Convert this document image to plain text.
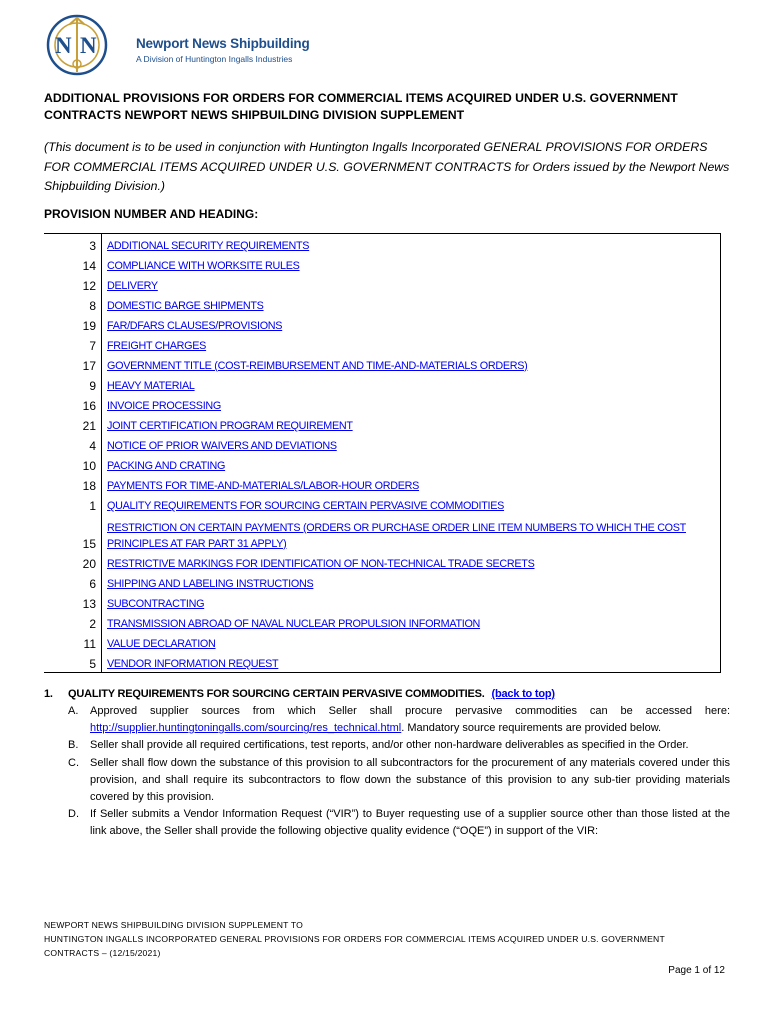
N N	Newport News Shipbuilding
A Division of Huntington Ingalls Industries
ADDITIONAL PROVISIONS FOR ORDERS FOR COMMERCIAL ITEMS ACQUIRED UNDER U.S. GOVERNMENT CONTRACTS NEWPORT NEWS SHIPBUILDING DIVISION SUPPLEMENT
(This document is to be used in conjunction with Huntington Ingalls Incorporated GENERAL PROVISIONS FOR ORDERS FOR COMMERCIAL ITEMS ACQUIRED UNDER U.S. GOVERNMENT CONTRACTS for Orders issued by the Newport News Shipbuilding Division.)
PROVISION NUMBER AND HEADING:
3	ADDITIONAL SECURITY REQUIREMENTS
14	COMPLIANCE WITH WORKSITE RULES
12	DELIVERY
8	DOMESTIC BARGE SHIPMENTS
19	FAR/DFARS CLAUSES/PROVISIONS
7	FREIGHT CHARGES
17	GOVERNMENT TITLE (COST-REIMBURSEMENT AND TIME-AND-MATERIALS ORDERS)
9	HEAVY MATERIAL
16	INVOICE PROCESSING
21	JOINT CERTIFICATION PROGRAM REQUIREMENT
4	NOTICE OF PRIOR WAIVERS AND DEVIATIONS
10	PACKING AND CRATING
18	PAYMENTS FOR TIME-AND-MATERIALS/LABOR-HOUR ORDERS
1	QUALITY REQUIREMENTS FOR SOURCING CERTAIN PERVASIVE COMMODITIES
15	RESTRICTION ON CERTAIN PAYMENTS (ORDERS OR PURCHASE ORDER LINE ITEM NUMBERS TO WHICH THE COST PRINCIPLES AT FAR PART 31 APPLY)
20	RESTRICTIVE MARKINGS FOR IDENTIFICATION OF NON-TECHNICAL TRADE SECRETS
6	SHIPPING AND LABELING INSTRUCTIONS
13	SUBCONTRACTING
2	TRANSMISSION ABROAD OF NAVAL NUCLEAR PROPULSION INFORMATION
11	VALUE DECLARATION
5	VENDOR INFORMATION REQUEST
1. QUALITY REQUIREMENTS FOR SOURCING CERTAIN PERVASIVE COMMODITIES. (back to top)
A. Approved supplier sources from which Seller shall procure pervasive commodities can be accessed here: http://supplier.huntingtoningalls.com/sourcing/res_technical.html. Mandatory source requirements are provided below.
B. Seller shall provide all required certifications, test reports, and/or other non-hardware deliverables as specified in the Order.
C. Seller shall flow down the substance of this provision to all subcontractors for the procurement of any materials covered under this provision, and shall require its subcontractors to flow down the substance of this provision to any sub-tier providing materials covered by this provision.
D. If Seller submits a Vendor Information Request (“VIR”) to Buyer requesting use of a supplier source other than those listed at the link above, the Seller shall provide the following objective quality evidence (“OQE”) in support of the VIR:
NEWPORT NEWS SHIPBUILDING DIVISION SUPPLEMENT TO
HUNTINGTON INGALLS INCORPORATED GENERAL PROVISIONS FOR ORDERS FOR COMMERCIAL ITEMS ACQUIRED UNDER U.S. GOVERNMENT
CONTRACTS – (12/15/2021)
Page 1 of 12
